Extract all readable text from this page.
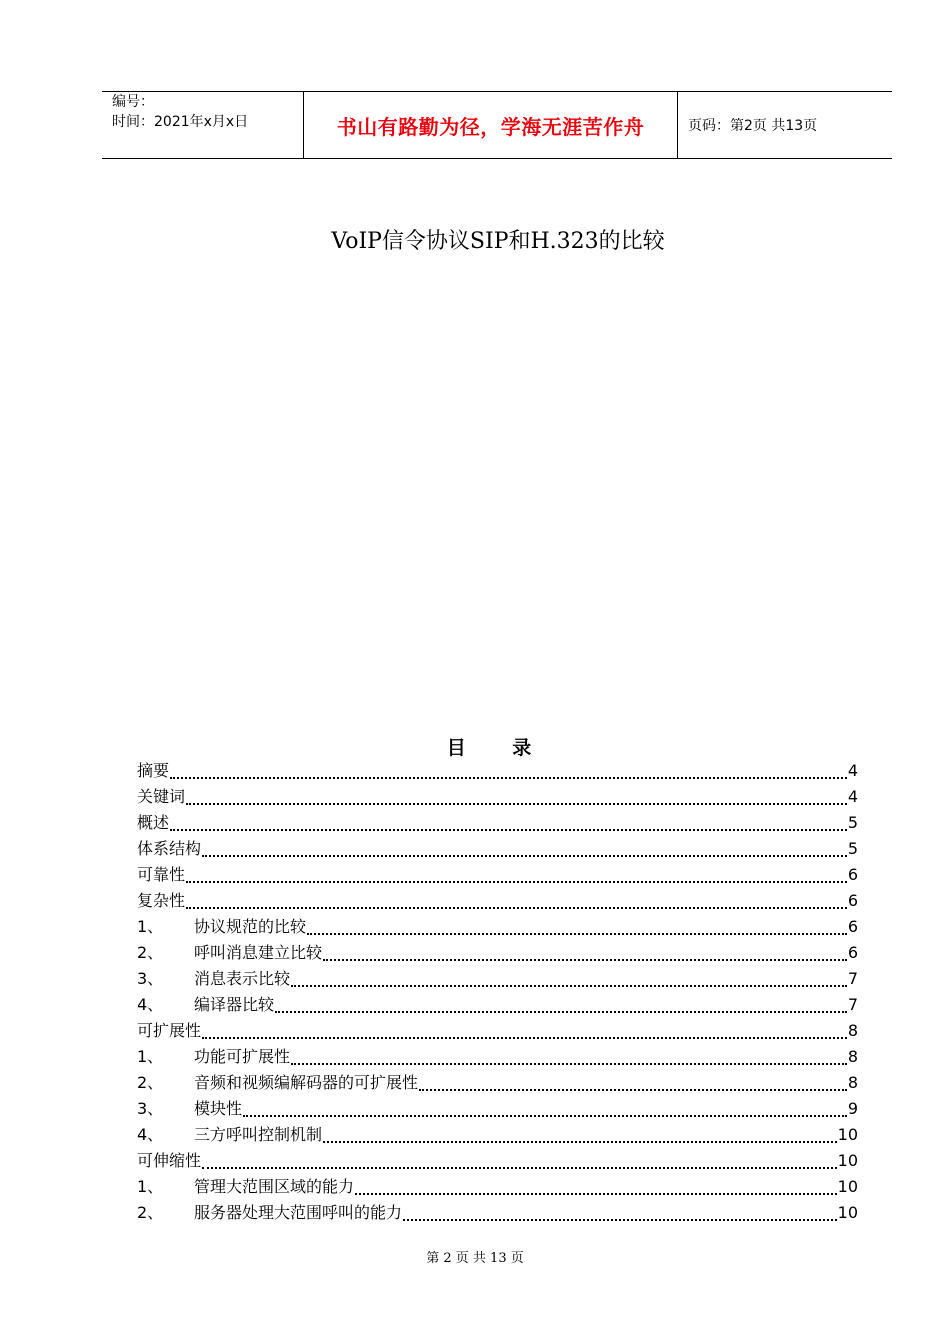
编号：
时间：2021年x月x日	书山有路勤为径，学海无涯苦作舟	页码：第2页 共13页
VoIP信令协议SIP和H.323的比较
目 录
摘要	4
关键词	4
概述	5
体系结构	5
可靠性	6
复杂性	6
1、	协议规范的比较	6
2、	呼叫消息建立比较	6
3、	消息表示比较	7
4、	编译器比较	7
可扩展性	8
1、	功能可扩展性	8
2、	音频和视频编解码器的可扩展性	8
3、	模块性	9
4、	三方呼叫控制机制	10
可伸缩性	10
1、	管理大范围区域的能力	10
2、	服务器处理大范围呼叫的能力	10
第 2 页 共 13 页
